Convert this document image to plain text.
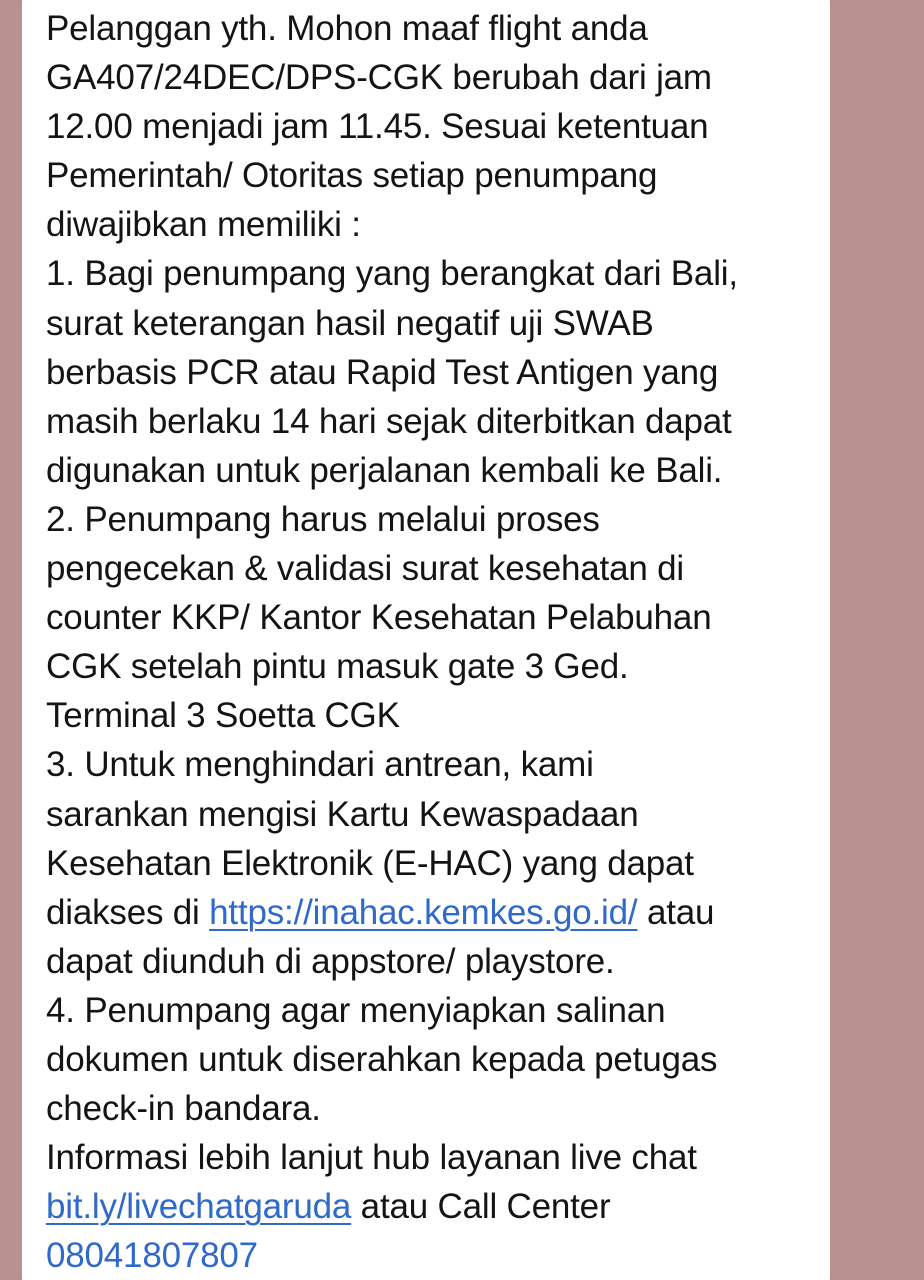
Pelanggan yth. Mohon maaf flight anda
GA407/24DEC/DPS-CGK berubah dari jam
12.00 menjadi jam 11.45. Sesuai ketentuan
Pemerintah/ Otoritas setiap penumpang
diwajibkan memiliki :
1. Bagi penumpang yang berangkat dari Bali,
surat keterangan hasil negatif uji SWAB
berbasis PCR atau Rapid Test Antigen yang
masih berlaku 14 hari sejak diterbitkan dapat
digunakan untuk perjalanan kembali ke Bali.
2. Penumpang harus melalui proses
pengecekan & validasi surat kesehatan di
counter KKP/ Kantor Kesehatan Pelabuhan
CGK setelah pintu masuk gate 3 Ged.
Terminal 3 Soetta CGK
3. Untuk menghindari antrean, kami
sarankan mengisi Kartu Kewaspadaan
Kesehatan Elektronik (E-HAC) yang dapat
diakses di https://inahac.kemkes.go.id/ atau
dapat diunduh di appstore/ playstore.
4. Penumpang agar menyiapkan salinan
dokumen untuk diserahkan kepada petugas
check-in bandara.
Informasi lebih lanjut hub layanan live chat
bit.ly/livechatgaruda atau Call Center
08041807807
